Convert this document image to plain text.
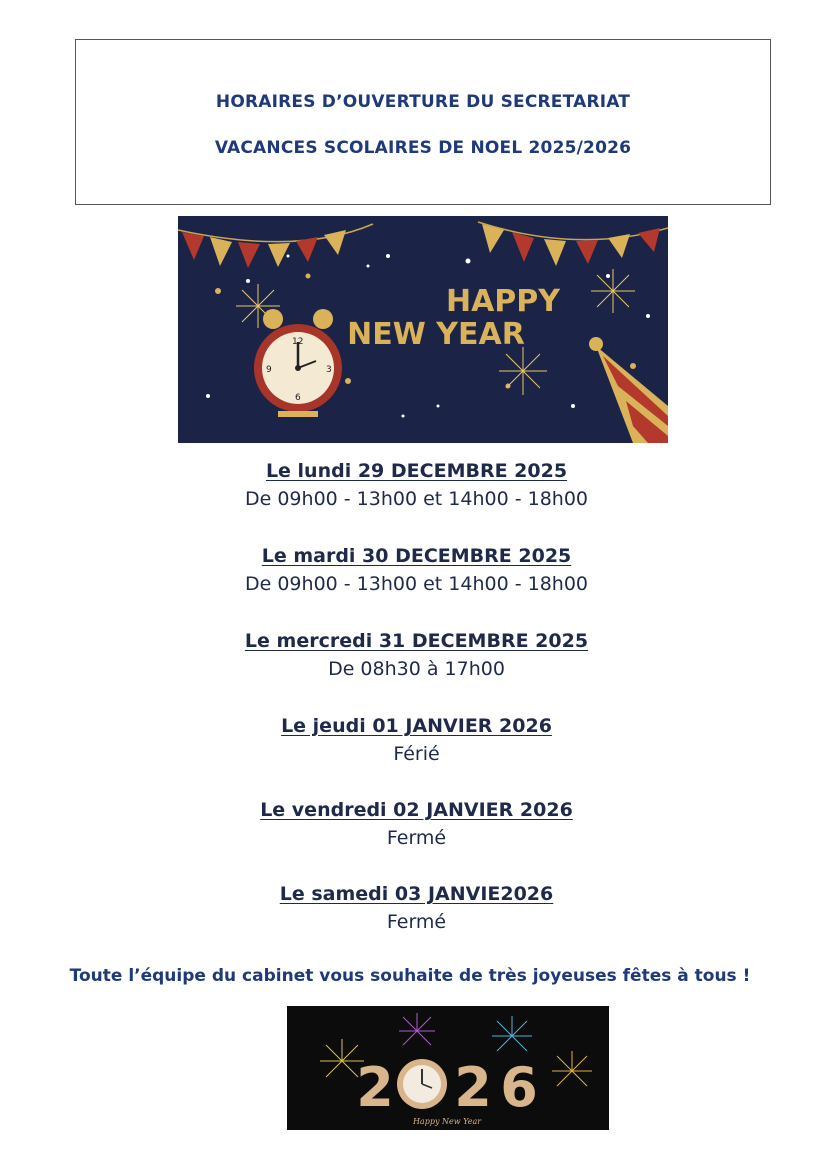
HORAIRES D’OUVERTURE DU SECRETARIAT
VACANCES SCOLAIRES DE NOEL 2025/2026
12
3
6
9
HAPPY
NEW YEAR
Le lundi 29 DECEMBRE 2025
De 09h00 - 13h00 et 14h00 - 18h00
Le mardi 30 DECEMBRE 2025
De 09h00 - 13h00 et 14h00 - 18h00
Le mercredi 31 DECEMBRE 2025
De 08h30 à 17h00
Le jeudi 01 JANVIER 2026
Férié
Le vendredi 02 JANVIER 2026
Fermé
Le samedi 03 JANVIE2026
Fermé
Toute l’équipe du cabinet vous souhaite de très joyeuses fêtes à tous !
2 2 6
Happy New Year
